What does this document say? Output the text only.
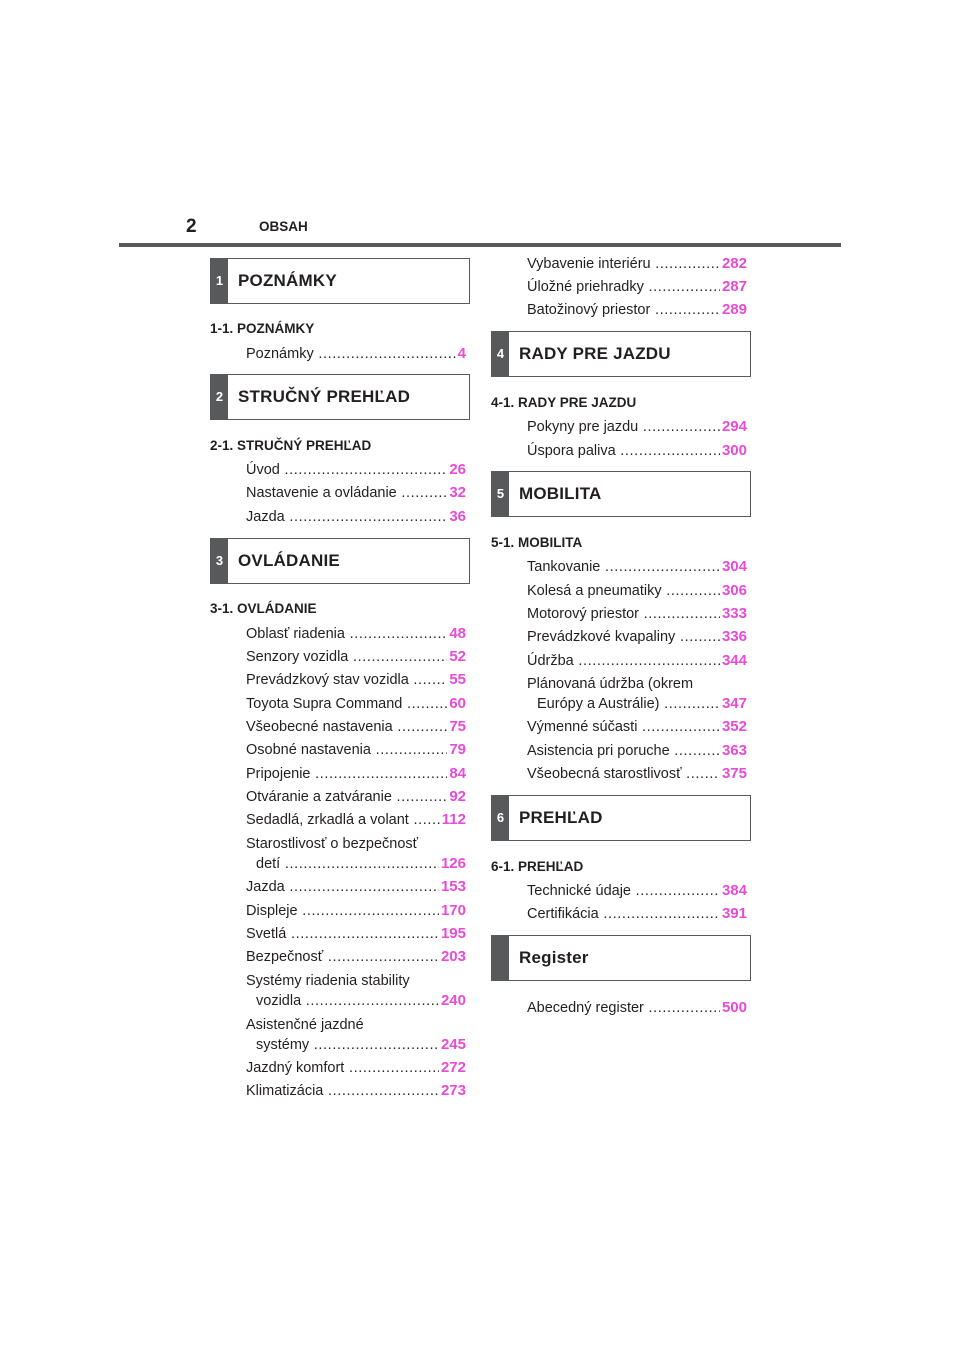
2	OBSAH
1 POZNÁMKY
1-1. POZNÁMKY
Poznámky .....	4
2 STRUČNÝ PREHĽAD
2-1. STRUČNÝ PREHĽAD
Úvod .....	26
Nastavenie a ovládanie .....	32
Jazda .....	36
3 OVLÁDANIE
3-1. OVLÁDANIE
Oblasť riadenia .....	48
Senzory vozidla .....	52
Prevádzkový stav vozidla .....	55
Toyota Supra Command .....	60
Všeobecné nastavenia .....	75
Osobné nastavenia .....	79
Pripojenie .....	84
Otváranie a zatváranie .....	92
Sedadlá, zrkadlá a volant .....	112
Starostlivosť o bezpečnosť
detí .....	126
Jazda .....	153
Displeje .....	170
Svetlá .....	195
Bezpečnosť .....	203
Systémy riadenia stability
vozidla .....	240
Asistenčné jazdné
systémy .....	245
Jazdný komfort .....	272
Klimatizácia .....	273
Vybavenie interiéru .....	282
Úložné priehradky .....	287
Batožinový priestor .....	289
4 RADY PRE JAZDU
4-1. RADY PRE JAZDU
Pokyny pre jazdu .....	294
Úspora paliva .....	300
5 MOBILITA
5-1. MOBILITA
Tankovanie .....	304
Kolesá a pneumatiky .....	306
Motorový priestor .....	333
Prevádzkové kvapaliny .....	336
Údržba .....	344
Plánovaná údržba (okrem
Európy a Austrálie) .....	347
Výmenné súčasti .....	352
Asistencia pri poruche .....	363
Všeobecná starostlivosť .....	375
6 PREHĽAD
6-1. PREHĽAD
Technické údaje .....	384
Certifikácia .....	391
Register
Abecedný register .....	500
